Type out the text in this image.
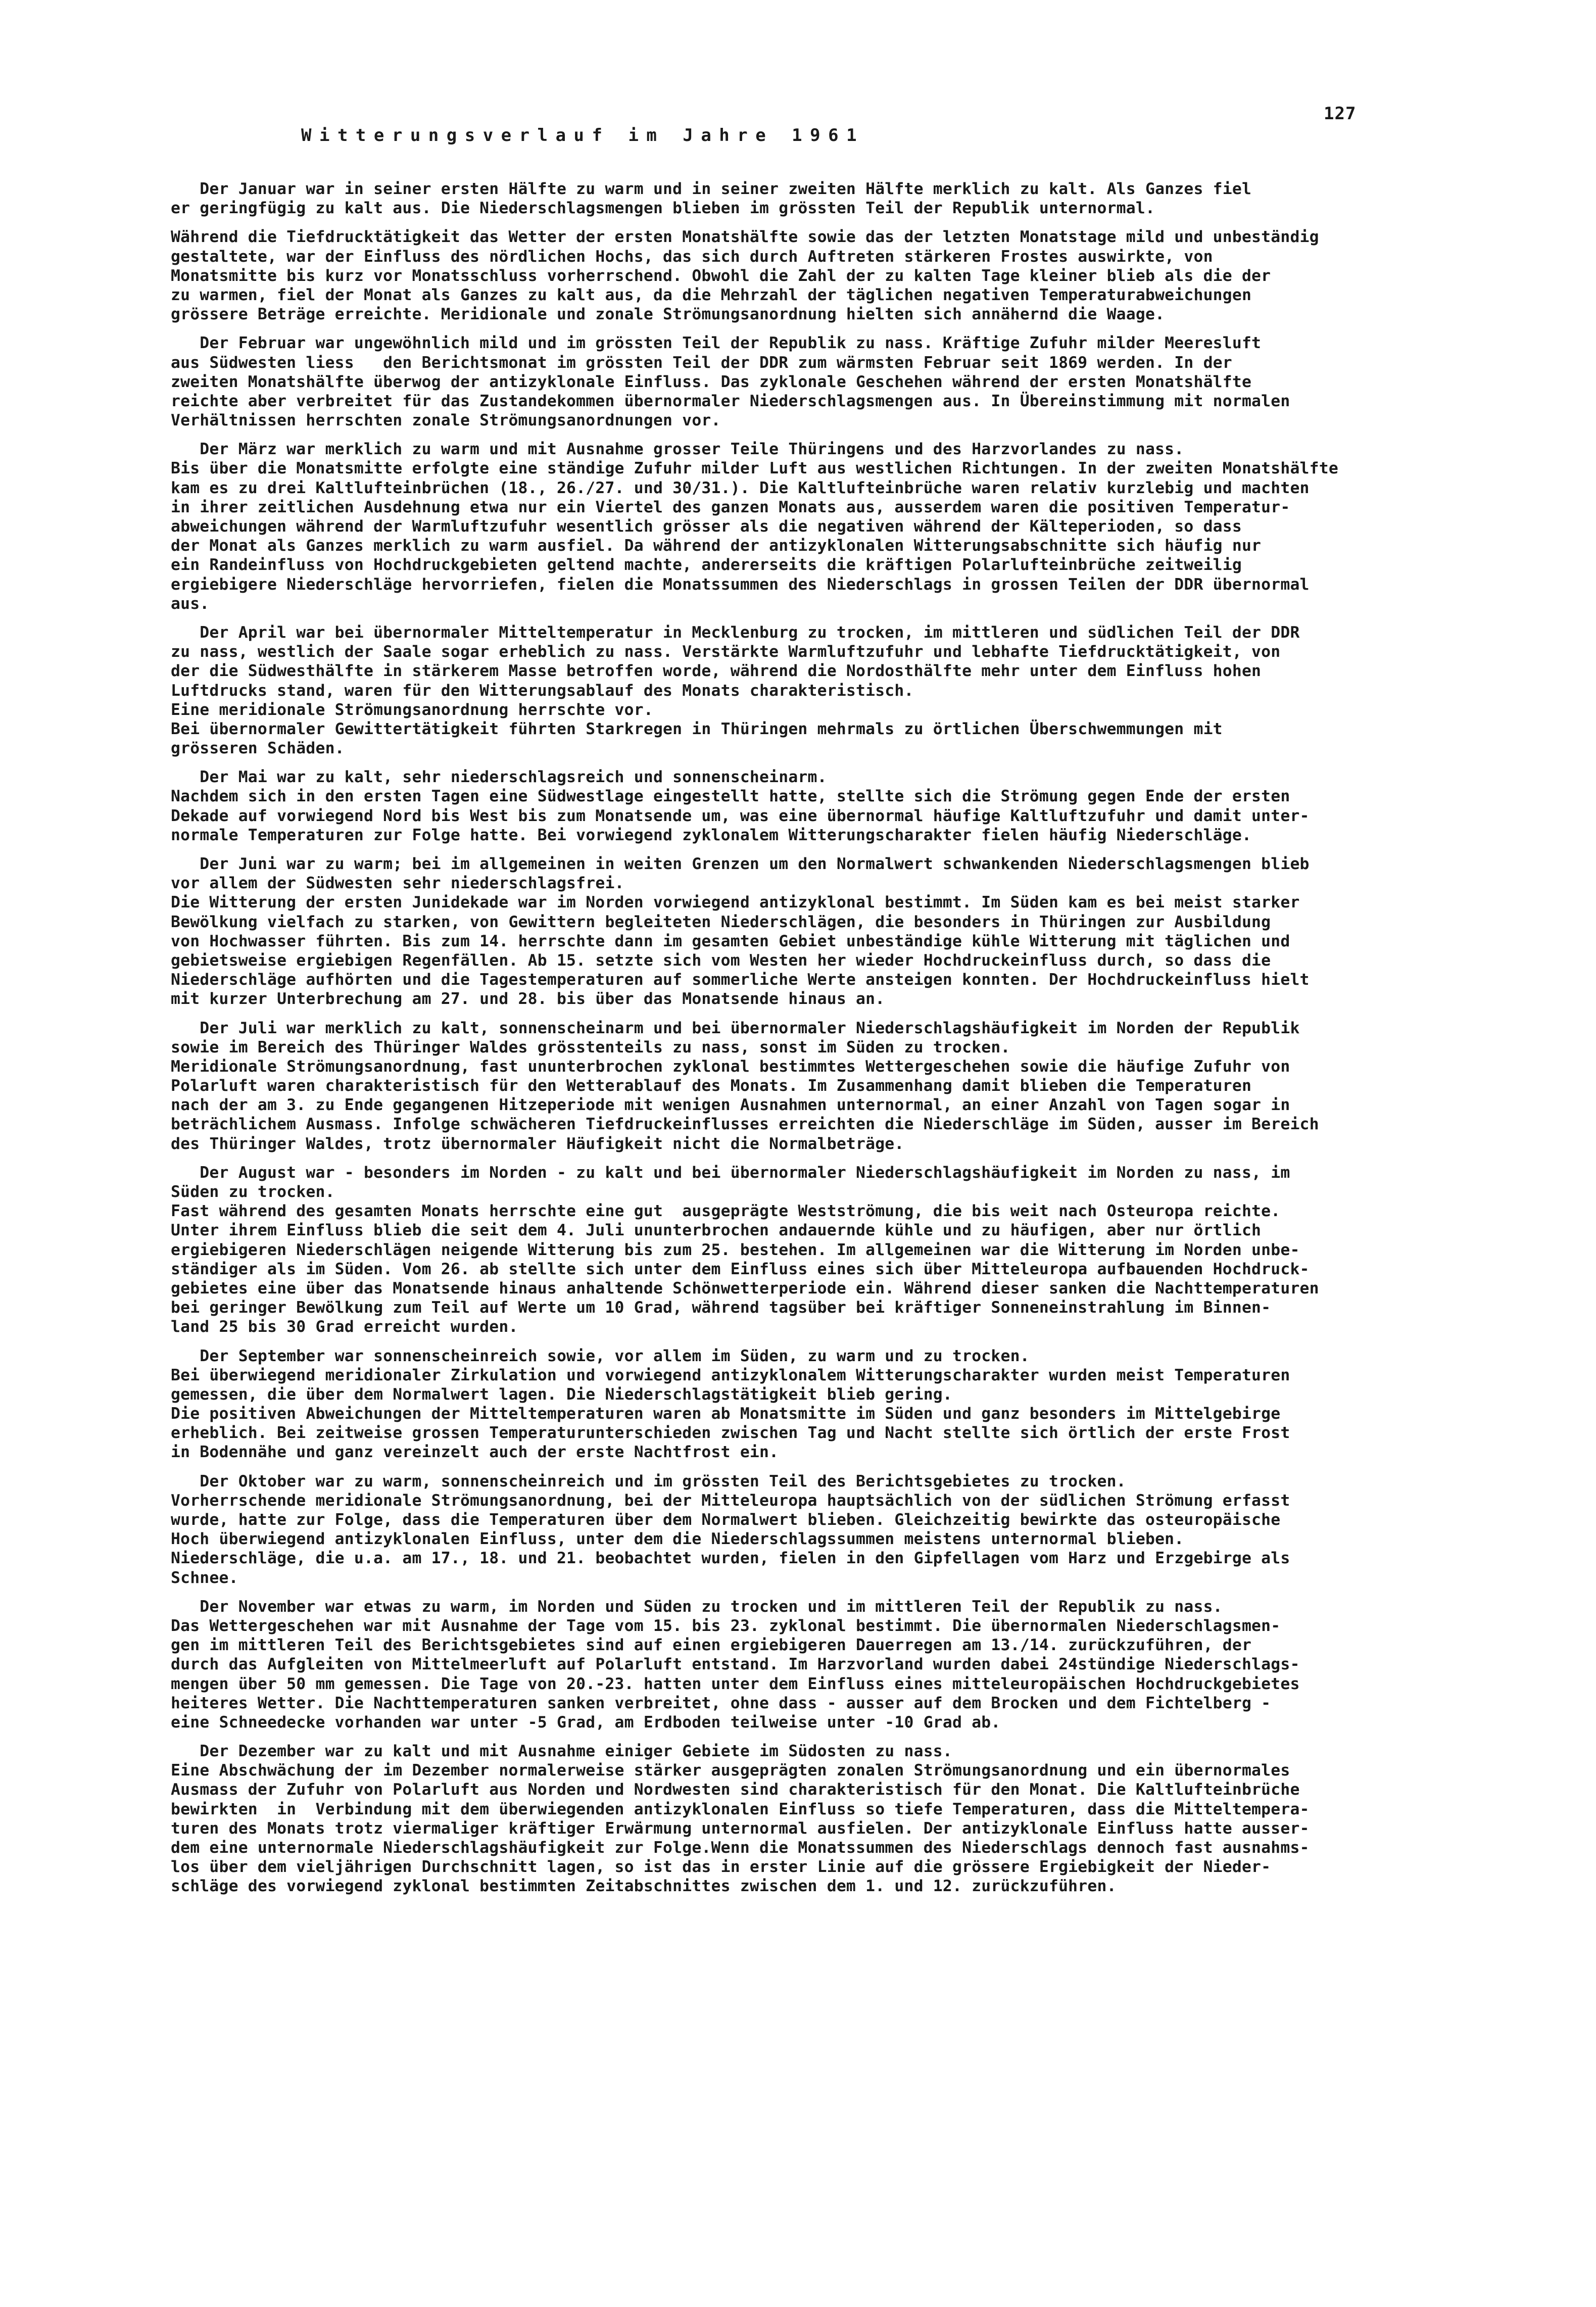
127
Witterungsverlauf im Jahre 1961
Der Januar war in seiner ersten Hälfte zu warm und in seiner zweiten Hälfte merklich zu kalt. Als Ganzes fiel
er geringfügig zu kalt aus. Die Niederschlagsmengen blieben im grössten Teil der Republik unternormal.
Während die Tiefdrucktätigkeit das Wetter der ersten Monatshälfte sowie das der letzten Monatstage mild und unbeständig
gestaltete, war der Einfluss des nördlichen Hochs, das sich durch Auftreten stärkeren Frostes auswirkte, von
Monatsmitte bis kurz vor Monatsschluss vorherrschend. Obwohl die Zahl der zu kalten Tage kleiner blieb als die der
zu warmen, fiel der Monat als Ganzes zu kalt aus, da die Mehrzahl der täglichen negativen Temperaturabweichungen
grössere Beträge erreichte. Meridionale und zonale Strömungsanordnung hielten sich annähernd die Waage.
Der Februar war ungewöhnlich mild und im grössten Teil der Republik zu nass. Kräftige Zufuhr milder Meeresluft
aus Südwesten liess   den Berichtsmonat im grössten Teil der DDR zum wärmsten Februar seit 1869 werden. In der
zweiten Monatshälfte überwog der antizyklonale Einfluss. Das zyklonale Geschehen während der ersten Monatshälfte
reichte aber verbreitet für das Zustandekommen übernormaler Niederschlagsmengen aus. In Übereinstimmung mit normalen
Verhältnissen herrschten zonale Strömungsanordnungen vor.
Der März war merklich zu warm und mit Ausnahme grosser Teile Thüringens und des Harzvorlandes zu nass.
Bis über die Monatsmitte erfolgte eine ständige Zufuhr milder Luft aus westlichen Richtungen. In der zweiten Monatshälfte
kam es zu drei Kaltlufteinbrüchen (18., 26./27. und 30/31.). Die Kaltlufteinbrüche waren relativ kurzlebig und machten
in ihrer zeitlichen Ausdehnung etwa nur ein Viertel des ganzen Monats aus, ausserdem waren die positiven Temperatur-
abweichungen während der Warmluftzufuhr wesentlich grösser als die negativen während der Kälteperioden, so dass
der Monat als Ganzes merklich zu warm ausfiel. Da während der antizyklonalen Witterungsabschnitte sich häufig nur
ein Randeinfluss von Hochdruckgebieten geltend machte, andererseits die kräftigen Polarlufteinbrüche zeitweilig
ergiebigere Niederschläge hervorriefen, fielen die Monatssummen des Niederschlags in grossen Teilen der DDR übernormal
aus.
Der April war bei übernormaler Mitteltemperatur in Mecklenburg zu trocken, im mittleren und südlichen Teil der DDR
zu nass, westlich der Saale sogar erheblich zu nass. Verstärkte Warmluftzufuhr und lebhafte Tiefdrucktätigkeit, von
der die Südwesthälfte in stärkerem Masse betroffen worde, während die Nordosthälfte mehr unter dem Einfluss hohen
Luftdrucks stand, waren für den Witterungsablauf des Monats charakteristisch.
Eine meridionale Strömungsanordnung herrschte vor.
Bei übernormaler Gewittertätigkeit führten Starkregen in Thüringen mehrmals zu örtlichen Überschwemmungen mit
grösseren Schäden.
Der Mai war zu kalt, sehr niederschlagsreich und sonnenscheinarm.
Nachdem sich in den ersten Tagen eine Südwestlage eingestellt hatte, stellte sich die Strömung gegen Ende der ersten
Dekade auf vorwiegend Nord bis West bis zum Monatsende um, was eine übernormal häufige Kaltluftzufuhr und damit unter-
normale Temperaturen zur Folge hatte. Bei vorwiegend zyklonalem Witterungscharakter fielen häufig Niederschläge.
Der Juni war zu warm; bei im allgemeinen in weiten Grenzen um den Normalwert schwankenden Niederschlagsmengen blieb
vor allem der Südwesten sehr niederschlagsfrei.
Die Witterung der ersten Junidekade war im Norden vorwiegend antizyklonal bestimmt. Im Süden kam es bei meist starker
Bewölkung vielfach zu starken, von Gewittern begleiteten Niederschlägen, die besonders in Thüringen zur Ausbildung
von Hochwasser führten. Bis zum 14. herrschte dann im gesamten Gebiet unbeständige kühle Witterung mit täglichen und
gebietsweise ergiebigen Regenfällen. Ab 15. setzte sich vom Westen her wieder Hochdruckeinfluss durch, so dass die
Niederschläge aufhörten und die Tagestemperaturen auf sommerliche Werte ansteigen konnten. Der Hochdruckeinfluss hielt
mit kurzer Unterbrechung am 27. und 28. bis über das Monatsende hinaus an.
Der Juli war merklich zu kalt, sonnenscheinarm und bei übernormaler Niederschlagshäufigkeit im Norden der Republik
sowie im Bereich des Thüringer Waldes grösstenteils zu nass, sonst im Süden zu trocken.
Meridionale Strömungsanordnung, fast ununterbrochen zyklonal bestimmtes Wettergeschehen sowie die häufige Zufuhr von
Polarluft waren charakteristisch für den Wetterablauf des Monats. Im Zusammenhang damit blieben die Temperaturen
nach der am 3. zu Ende gegangenen Hitzeperiode mit wenigen Ausnahmen unternormal, an einer Anzahl von Tagen sogar in
beträchlichem Ausmass. Infolge schwächeren Tiefdruckeinflusses erreichten die Niederschläge im Süden, ausser im Bereich
des Thüringer Waldes, trotz übernormaler Häufigkeit nicht die Normalbeträge.
Der August war - besonders im Norden - zu kalt und bei übernormaler Niederschlagshäufigkeit im Norden zu nass, im
Süden zu trocken.
Fast während des gesamten Monats herrschte eine gut  ausgeprägte Westströmung, die bis weit nach Osteuropa reichte.
Unter ihrem Einfluss blieb die seit dem 4. Juli ununterbrochen andauernde kühle und zu häufigen, aber nur örtlich
ergiebigeren Niederschlägen neigende Witterung bis zum 25. bestehen. Im allgemeinen war die Witterung im Norden unbe-
ständiger als im Süden. Vom 26. ab stellte sich unter dem Einfluss eines sich über Mitteleuropa aufbauenden Hochdruck-
gebietes eine über das Monatsende hinaus anhaltende Schönwetterperiode ein. Während dieser sanken die Nachttemperaturen
bei geringer Bewölkung zum Teil auf Werte um 10 Grad, während tagsüber bei kräftiger Sonneneinstrahlung im Binnen-
land 25 bis 30 Grad erreicht wurden.
Der September war sonnenscheinreich sowie, vor allem im Süden, zu warm und zu trocken.
Bei überwiegend meridionaler Zirkulation und vorwiegend antizyklonalem Witterungscharakter wurden meist Temperaturen
gemessen, die über dem Normalwert lagen. Die Niederschlagstätigkeit blieb gering.
Die positiven Abweichungen der Mitteltemperaturen waren ab Monatsmitte im Süden und ganz besonders im Mittelgebirge
erheblich. Bei zeitweise grossen Temperaturunterschieden zwischen Tag und Nacht stellte sich örtlich der erste Frost
in Bodennähe und ganz vereinzelt auch der erste Nachtfrost ein.
Der Oktober war zu warm, sonnenscheinreich und im grössten Teil des Berichtsgebietes zu trocken.
Vorherrschende meridionale Strömungsanordnung, bei der Mitteleuropa hauptsächlich von der südlichen Strömung erfasst
wurde, hatte zur Folge, dass die Temperaturen über dem Normalwert blieben. Gleichzeitig bewirkte das osteuropäische
Hoch überwiegend antizyklonalen Einfluss, unter dem die Niederschlagssummen meistens unternormal blieben.
Niederschläge, die u.a. am 17., 18. und 21. beobachtet wurden, fielen in den Gipfellagen vom Harz und Erzgebirge als
Schnee.
Der November war etwas zu warm, im Norden und Süden zu trocken und im mittleren Teil der Republik zu nass.
Das Wettergeschehen war mit Ausnahme der Tage vom 15. bis 23. zyklonal bestimmt. Die übernormalen Niederschlagsmen-
gen im mittleren Teil des Berichtsgebietes sind auf einen ergiebigeren Dauerregen am 13./14. zurückzuführen, der
durch das Aufgleiten von Mittelmeerluft auf Polarluft entstand. Im Harzvorland wurden dabei 24stündige Niederschlags-
mengen über 50 mm gemessen. Die Tage von 20.-23. hatten unter dem Einfluss eines mitteleuropäischen Hochdruckgebietes
heiteres Wetter. Die Nachttemperaturen sanken verbreitet, ohne dass - ausser auf dem Brocken und dem Fichtelberg -
eine Schneedecke vorhanden war unter -5 Grad, am Erdboden teilweise unter -10 Grad ab.
Der Dezember war zu kalt und mit Ausnahme einiger Gebiete im Südosten zu nass.
Eine Abschwächung der im Dezember normalerweise stärker ausgeprägten zonalen Strömungsanordnung und ein übernormales
Ausmass der Zufuhr von Polarluft aus Norden und Nordwesten sind charakteristisch für den Monat. Die Kaltlufteinbrüche
bewirkten  in  Verbindung mit dem überwiegenden antizyklonalen Einfluss so tiefe Temperaturen, dass die Mitteltempera-
turen des Monats trotz viermaliger kräftiger Erwärmung unternormal ausfielen. Der antizyklonale Einfluss hatte ausser-
dem eine unternormale Niederschlagshäufigkeit zur Folge.Wenn die Monatssummen des Niederschlags dennoch fast ausnahms-
los über dem vieljährigen Durchschnitt lagen, so ist das in erster Linie auf die grössere Ergiebigkeit der Nieder-
schläge des vorwiegend zyklonal bestimmten Zeitabschnittes zwischen dem 1. und 12. zurückzuführen.
